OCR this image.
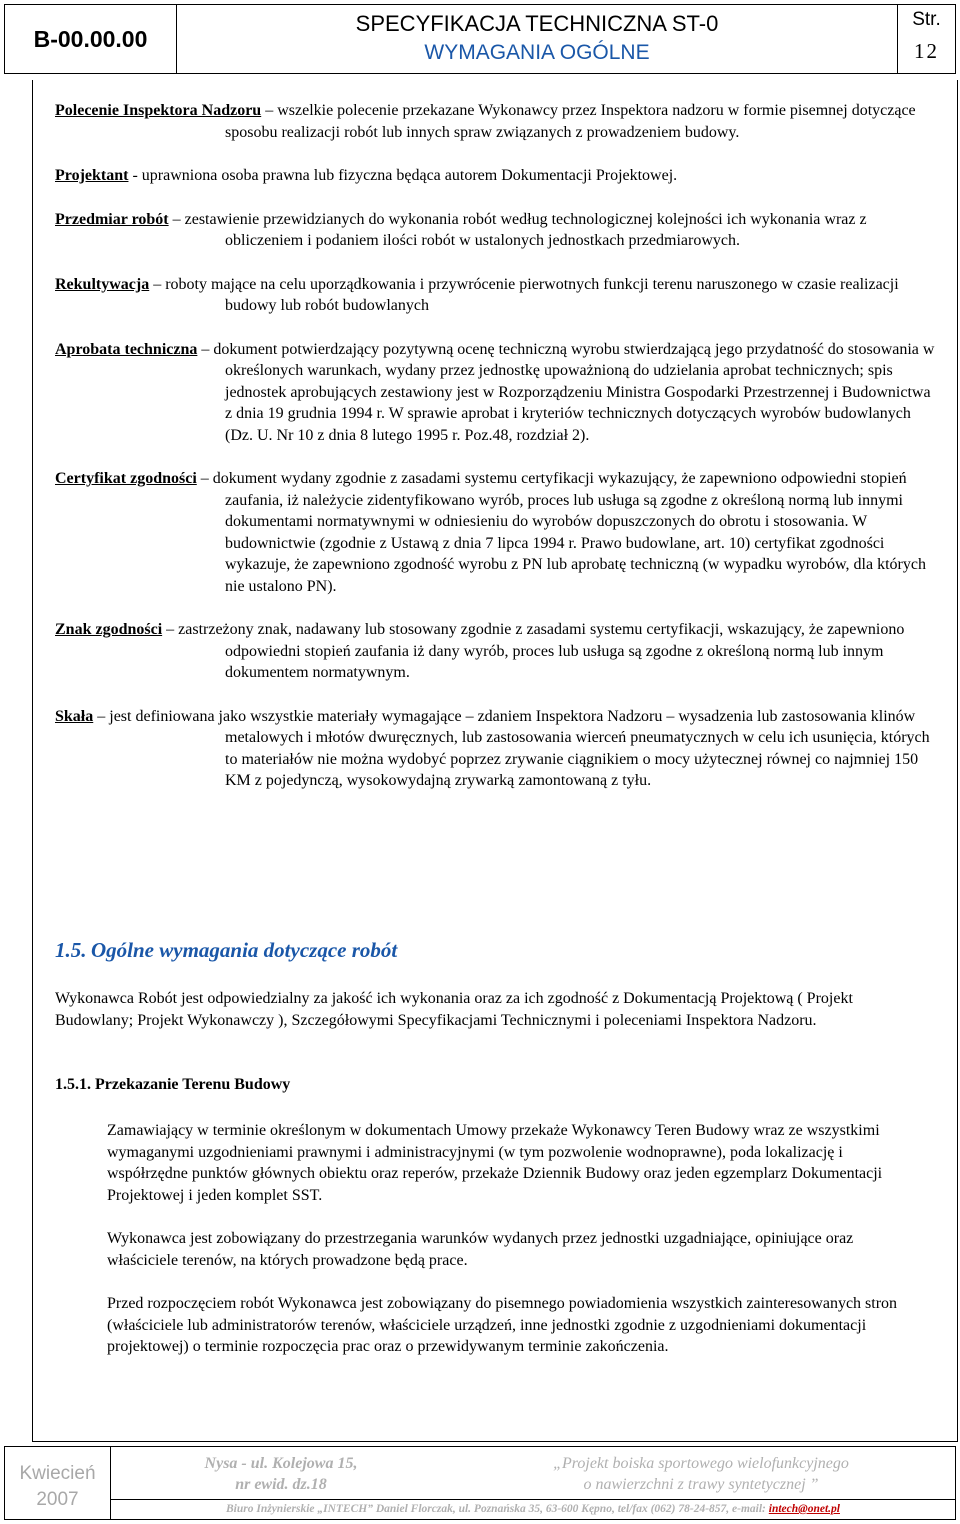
B-00.00.00
SPECYFIKACJA TECHNICZNA ST-0
WYMAGANIA OGÓLNE
Str.
12

Polecenie Inspektora Nadzoru – wszelkie polecenie przekazane Wykonawcy przez Inspektora nadzoru w formie pisemnej dotyczące sposobu realizacji robót lub innych spraw związanych z prowadzeniem budowy.

Projektant - uprawniona osoba prawna lub fizyczna będąca autorem Dokumentacji Projektowej.

Przedmiar robót – zestawienie przewidzianych do wykonania robót według technologicznej kolejności ich wykonania wraz z obliczeniem i podaniem ilości robót w ustalonych jednostkach przedmiarowych.

Rekultywacja – roboty mające na celu uporządkowania i przywrócenie pierwotnych funkcji terenu naruszonego w czasie realizacji budowy lub robót budowlanych

Aprobata techniczna – dokument potwierdzający pozytywną ocenę techniczną wyrobu stwierdzającą jego przydatność do stosowania w określonych warunkach, wydany przez jednostkę upoważnioną do udzielania aprobat technicznych; spis jednostek aprobujących zestawiony jest w Rozporządzeniu Ministra Gospodarki Przestrzennej i Budownictwa z dnia 19 grudnia 1994 r. W sprawie aprobat i kryteriów technicznych dotyczących wyrobów budowlanych (Dz. U. Nr 10 z dnia 8 lutego 1995 r. Poz.48, rozdział 2).

Certyfikat zgodności – dokument wydany zgodnie z zasadami systemu certyfikacji wykazujący, że zapewniono odpowiedni stopień zaufania, iż należycie zidentyfikowano wyrób, proces lub usługa są zgodne z określoną normą lub innymi dokumentami normatywnymi w odniesieniu do wyrobów dopuszczonych do obrotu i stosowania. W budownictwie (zgodnie z Ustawą z dnia 7 lipca 1994 r. Prawo budowlane, art. 10) certyfikat zgodności wykazuje, że zapewniono zgodność wyrobu z PN lub aprobatę techniczną (w wypadku wyrobów, dla których nie ustalono PN).

Znak zgodności – zastrzeżony znak, nadawany lub stosowany zgodnie z zasadami systemu certyfikacji, wskazujący, że zapewniono odpowiedni stopień zaufania iż dany wyrób, proces lub usługa są zgodne z określoną normą lub innym dokumentem normatywnym.

Skała – jest definiowana jako wszystkie materiały wymagające – zdaniem Inspektora Nadzoru – wysadzenia lub zastosowania klinów metalowych i młotów dwuręcznych, lub zastosowania wierceń pneumatycznych w celu ich usunięcia, których to materiałów nie można wydobyć poprzez zrywanie ciągnikiem o mocy użytecznej równej co najmniej 150 KM z pojedynczą, wysokowydajną zrywarką zamontowaną z tyłu.

1.5. Ogólne wymagania dotyczące robót
Wykonawca Robót jest odpowiedzialny za jakość ich wykonania oraz za ich zgodność z Dokumentacją Projektową ( Projekt Budowlany; Projekt Wykonawczy ), Szczegółowymi Specyfikacjami Technicznymi i poleceniami Inspektora Nadzoru.
1.5.1. Przekazanie Terenu Budowy

Zamawiający w terminie określonym w dokumentach Umowy przekaże Wykonawcy Teren Budowy wraz ze wszystkimi wymaganymi uzgodnieniami prawnymi i administracyjnymi (w tym pozwolenie wodnoprawne), poda lokalizację i współrzędne punktów głównych obiektu oraz reperów, przekaże Dziennik Budowy oraz jeden egzemplarz Dokumentacji Projektowej i jeden komplet SST.

Wykonawca jest zobowiązany do przestrzegania warunków wydanych przez jednostki uzgadniające, opiniujące oraz właściciele terenów, na których prowadzone będą prace.

Przed rozpoczęciem robót Wykonawca jest zobowiązany do pisemnego powiadomienia wszystkich zainteresowanych stron (właściciele lub administratorów terenów, właściciele urządzeń, inne jednostki zgodnie z uzgodnieniami dokumentacji projektowej) o terminie rozpoczęcia prac oraz o przewidywanym terminie zakończenia.

Kwiecień
2007
Nysa - ul. Kolejowa 15,
nr ewid. dz.18
„Projekt boiska sportowego wielofunkcyjnego
o nawierzchni z trawy syntetycznej ”
Biuro Inżynierskie „INTECH” Daniel Florczak, ul. Poznańska 35, 63-600 Kępno, tel/fax (062) 78-24-857, e-mail: intech@onet.pl
